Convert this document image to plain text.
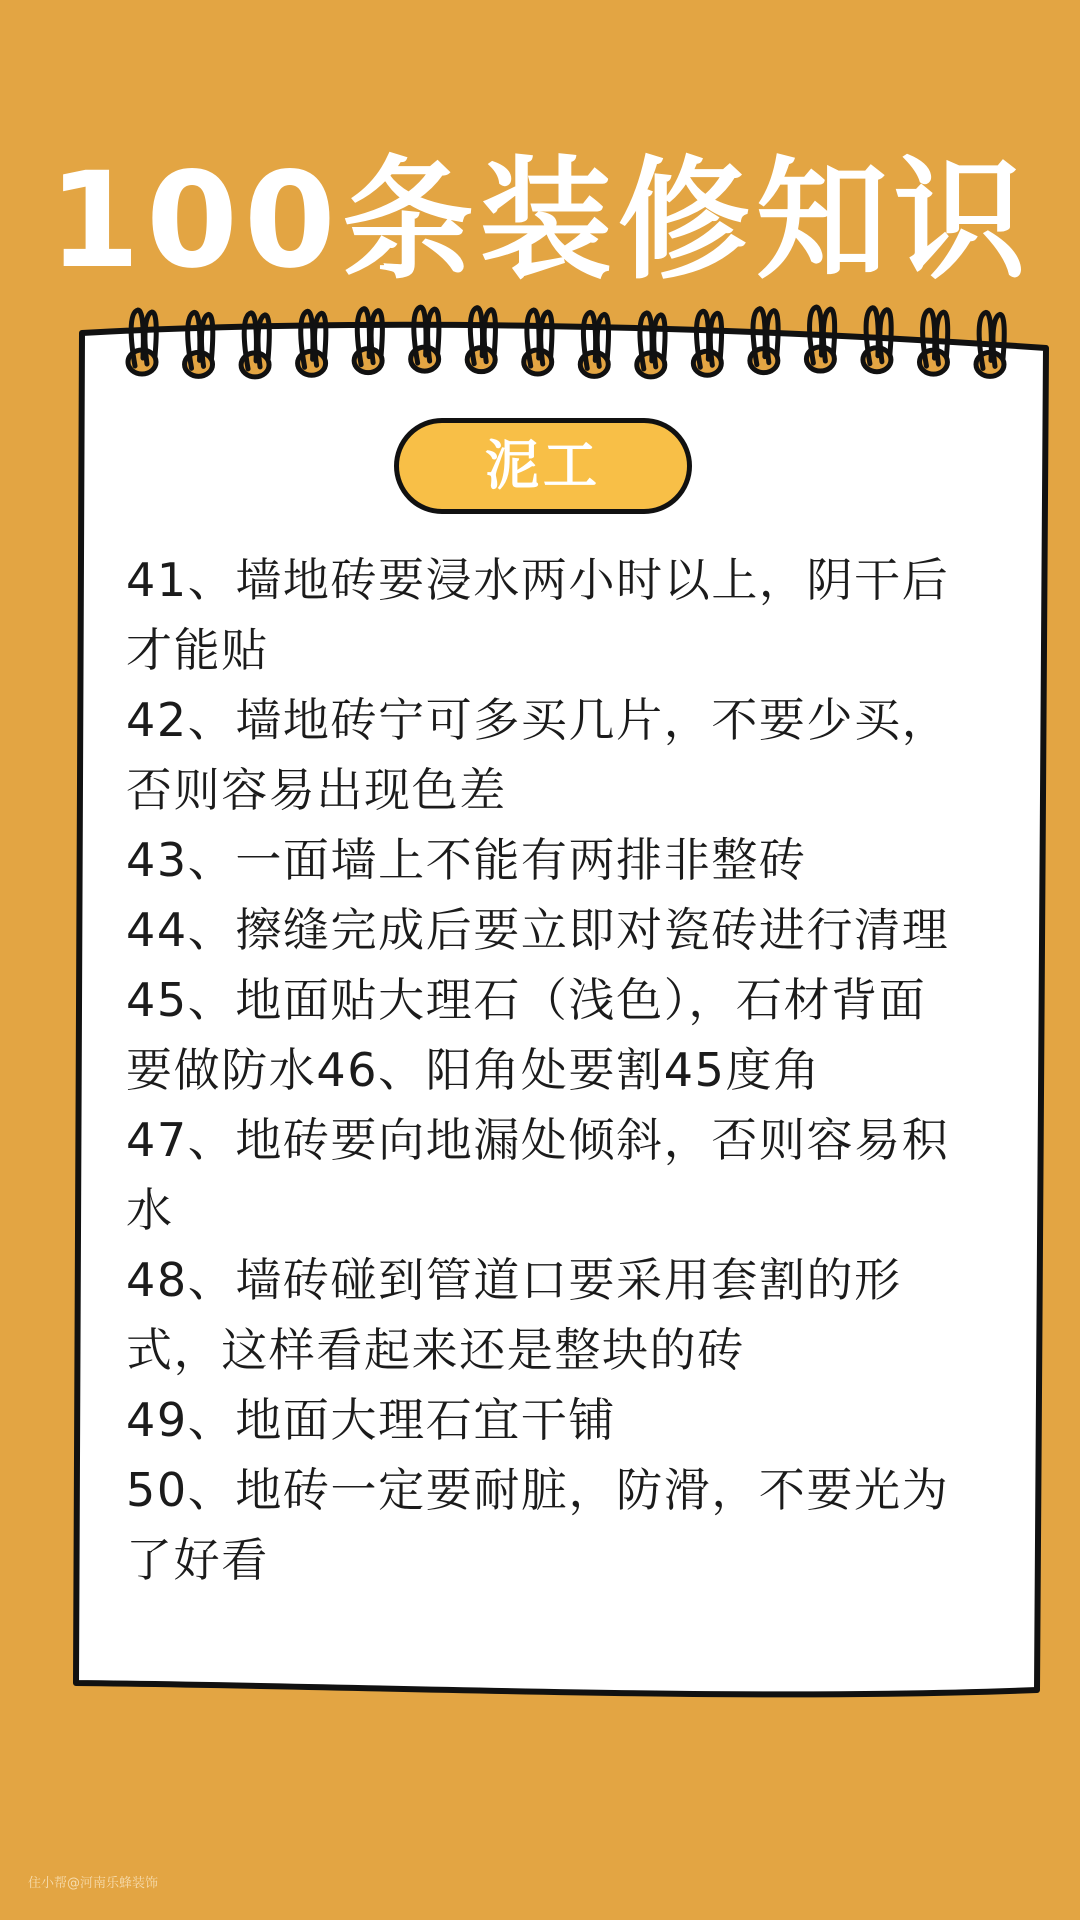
100条装修知识
泥工
41、墙地砖要浸水两小时以上，阴干后才能贴
42、墙地砖宁可多买几片，不要少买，否则容易出现色差
43、一面墙上不能有两排非整砖
44、擦缝完成后要立即对瓷砖进行清理
45、地面贴大理石（浅色），石材背面要做防水46、阳角处要割45度角
47、地砖要向地漏处倾斜，否则容易积水
48、墙砖碰到管道口要采用套割的形式，这样看起来还是整块的砖
49、地面大理石宜干铺
50、地砖一定要耐脏，防滑，不要光为了好看
住小帮@河南乐蜂装饰
